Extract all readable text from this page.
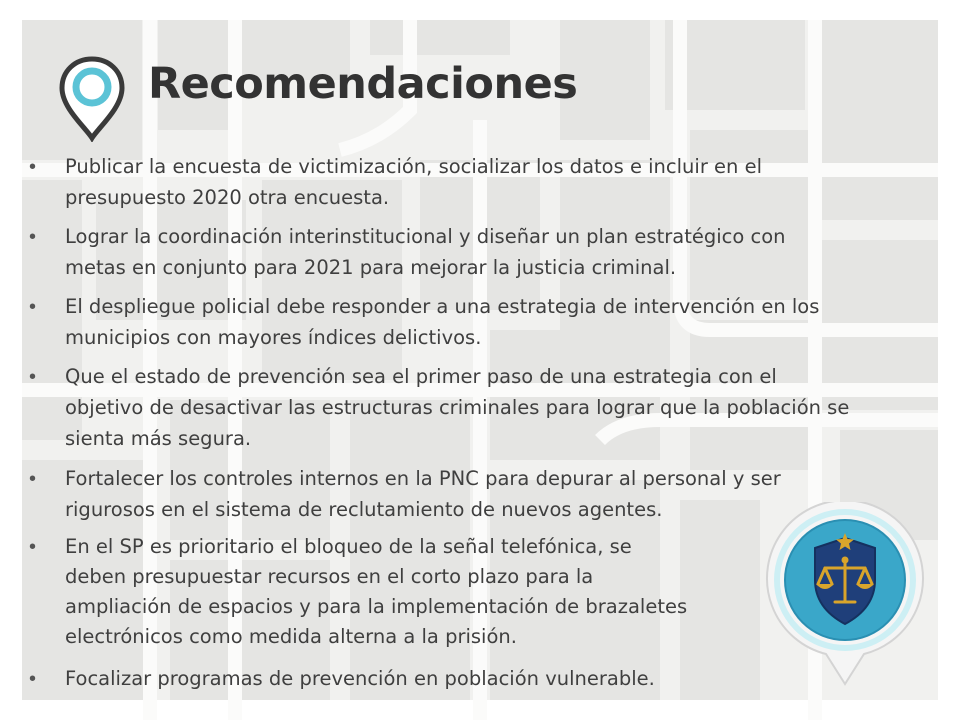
Recomendaciones
• Publicar la encuesta de victimización, socializar los datos e incluir en el
presupuesto 2020 otra encuesta.
• Lograr la coordinación interinstitucional y diseñar un plan estratégico con
metas en conjunto para 2021 para mejorar la justicia criminal.
• El despliegue policial debe responder a una estrategia de intervención en los
municipios con mayores índices delictivos.
• Que el estado de prevención sea el primer paso de una estrategia con el
objetivo de desactivar las estructuras criminales para lograr que la población se
sienta más segura.
• Fortalecer los controles internos en la PNC para depurar al personal y ser
rigurosos en el sistema de reclutamiento de nuevos agentes.
• En el SP es prioritario el bloqueo de la señal telefónica, se
deben presupuestar recursos en el corto plazo para la
ampliación de espacios y para la implementación de brazaletes
electrónicos como medida alterna a la prisión.
• Focalizar programas de prevención en población vulnerable.
